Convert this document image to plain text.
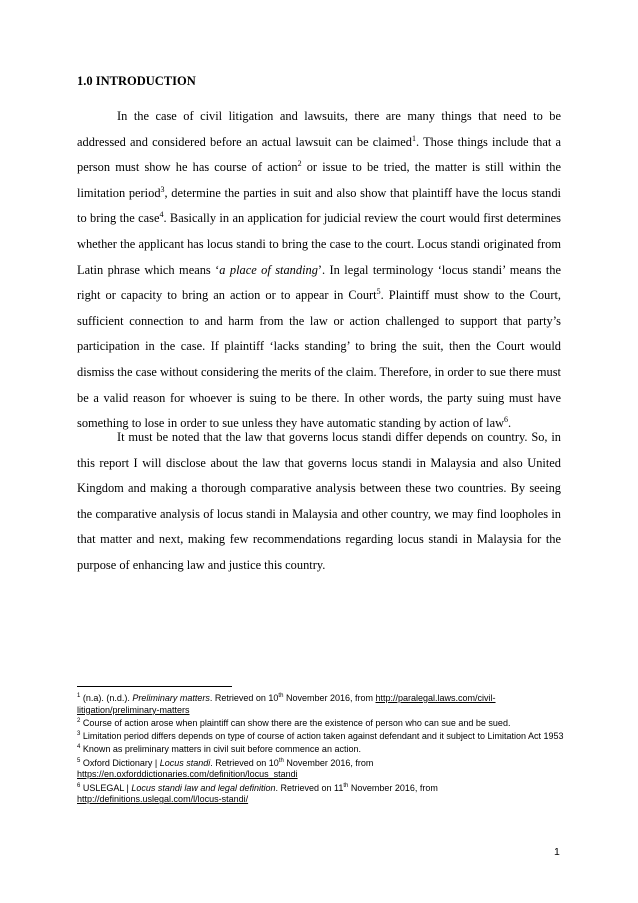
1.0 INTRODUCTION

In the case of civil litigation and lawsuits, there are many things that need to be addressed and considered before an actual lawsuit can be claimed$^1$. Those things include that a person must show he has course of action$^2$ or issue to be tried, the matter is still within the limitation period$^3$, determine the parties in suit and also show that plaintiff have the locus standi to bring the case$^4$. Basically in an application for judicial review the court would first determines whether the applicant has locus standi to bring the case to the court. Locus standi originated from Latin phrase which means ‘a place of standing’. In legal terminology ‘locus standi’ means the right or capacity to bring an action or to appear in Court$^5$. Plaintiff must show to the Court, sufficient connection to and harm from the law or action challenged to support that party’s participation in the case. If plaintiff ‘lacks standing’ to bring the suit, then the Court would dismiss the case without considering the merits of the claim. Therefore, in order to sue there must be a valid reason for whoever is suing to be there. In other words, the party suing must have something to lose in order to sue unless they have automatic standing by action of law$^6$.

It must be noted that the law that governs locus standi differ depends on country. So, in this report I will disclose about the law that governs locus standi in Malaysia and also United Kingdom and making a thorough comparative analysis between these two countries. By seeing the comparative analysis of locus standi in Malaysia and other country, we may find loopholes in that matter and next, making few recommendations regarding locus standi in Malaysia for the purpose of enhancing law and justice this country.

$^1$ (n.a). (n.d.). Preliminary matters. Retrieved on 10th November 2016, from http://paralegal.laws.com/civil-litigation/preliminary-matters
$^2$ Course of action arose when plaintiff can show there are the existence of person who can sue and be sued.
$^3$ Limitation period differs depends on type of course of action taken against defendant and it subject to Limitation Act 1953
$^4$ Known as preliminary matters in civil suit before commence an action.
$^5$ Oxford Dictionary | Locus standi. Retrieved on 10th November 2016, from
https://en.oxforddictionaries.com/definition/locus_standi
$^6$ USLEGAL | Locus standi law and legal definition. Retrieved on 11th November 2016, from
http://definitions.uslegal.com/l/locus-standi/
1
